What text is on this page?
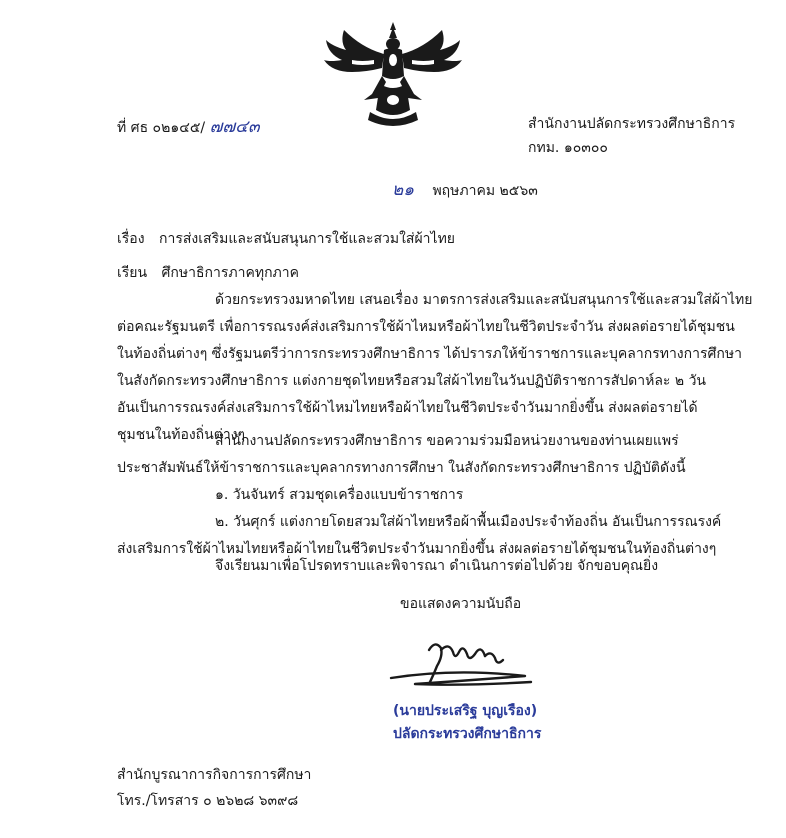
ที่ ศธ ๐๒๑๔๕/ ๗๗๔๓	สำนักงานปลัดกระทรวงศึกษาธิการ
กทม. ๑๐๓๐๐
๒๑ พฤษภาคม ๒๕๖๓
เรื่อง การส่งเสริมและสนับสนุนการใช้และสวมใส่ผ้าไทย
เรียน ศึกษาธิการภาคทุกภาค
ด้วยกระทรวงมหาดไทย เสนอเรื่อง มาตรการส่งเสริมและสนับสนุนการใช้และสวมใส่ผ้าไทย
ต่อคณะรัฐมนตรี เพื่อการรณรงค์ส่งเสริมการใช้ผ้าไหมหรือผ้าไทยในชีวิตประจำวัน ส่งผลต่อรายได้ชุมชน
ในท้องถิ่นต่างๆ ซึ่งรัฐมนตรีว่าการกระทรวงศึกษาธิการ ได้ปรารภให้ข้าราชการและบุคลากรทางการศึกษา
ในสังกัดกระทรวงศึกษาธิการ แต่งกายชุดไทยหรือสวมใส่ผ้าไทยในวันปฏิบัติราชการสัปดาห์ละ ๒ วัน
อันเป็นการรณรงค์ส่งเสริมการใช้ผ้าไหมไทยหรือผ้าไทยในชีวิตประจำวันมากยิ่งขึ้น ส่งผลต่อรายได้
ชุมชนในท้องถิ่นต่างๆ
สำนักงานปลัดกระทรวงศึกษาธิการ ขอความร่วมมือหน่วยงานของท่านเผยแพร่
ประชาสัมพันธ์ให้ข้าราชการและบุคลากรทางการศึกษา ในสังกัดกระทรวงศึกษาธิการ ปฏิบัติดังนี้
๑. วันจันทร์ สวมชุดเครื่องแบบข้าราชการ
๒. วันศุกร์ แต่งกายโดยสวมใส่ผ้าไทยหรือผ้าพื้นเมืองประจำท้องถิ่น อันเป็นการรณรงค์
ส่งเสริมการใช้ผ้าไหมไทยหรือผ้าไทยในชีวิตประจำวันมากยิ่งขึ้น ส่งผลต่อรายได้ชุมชนในท้องถิ่นต่างๆ
จึงเรียนมาเพื่อโปรดทราบและพิจารณา ดำเนินการต่อไปด้วย จักขอบคุณยิ่ง
ขอแสดงความนับถือ
(นายประเสริฐ บุญเรือง)
ปลัดกระทรวงศึกษาธิการ
สำนักบูรณาการกิจการการศึกษา
โทร./โทรสาร ๐ ๒๖๒๘ ๖๓๙๘
